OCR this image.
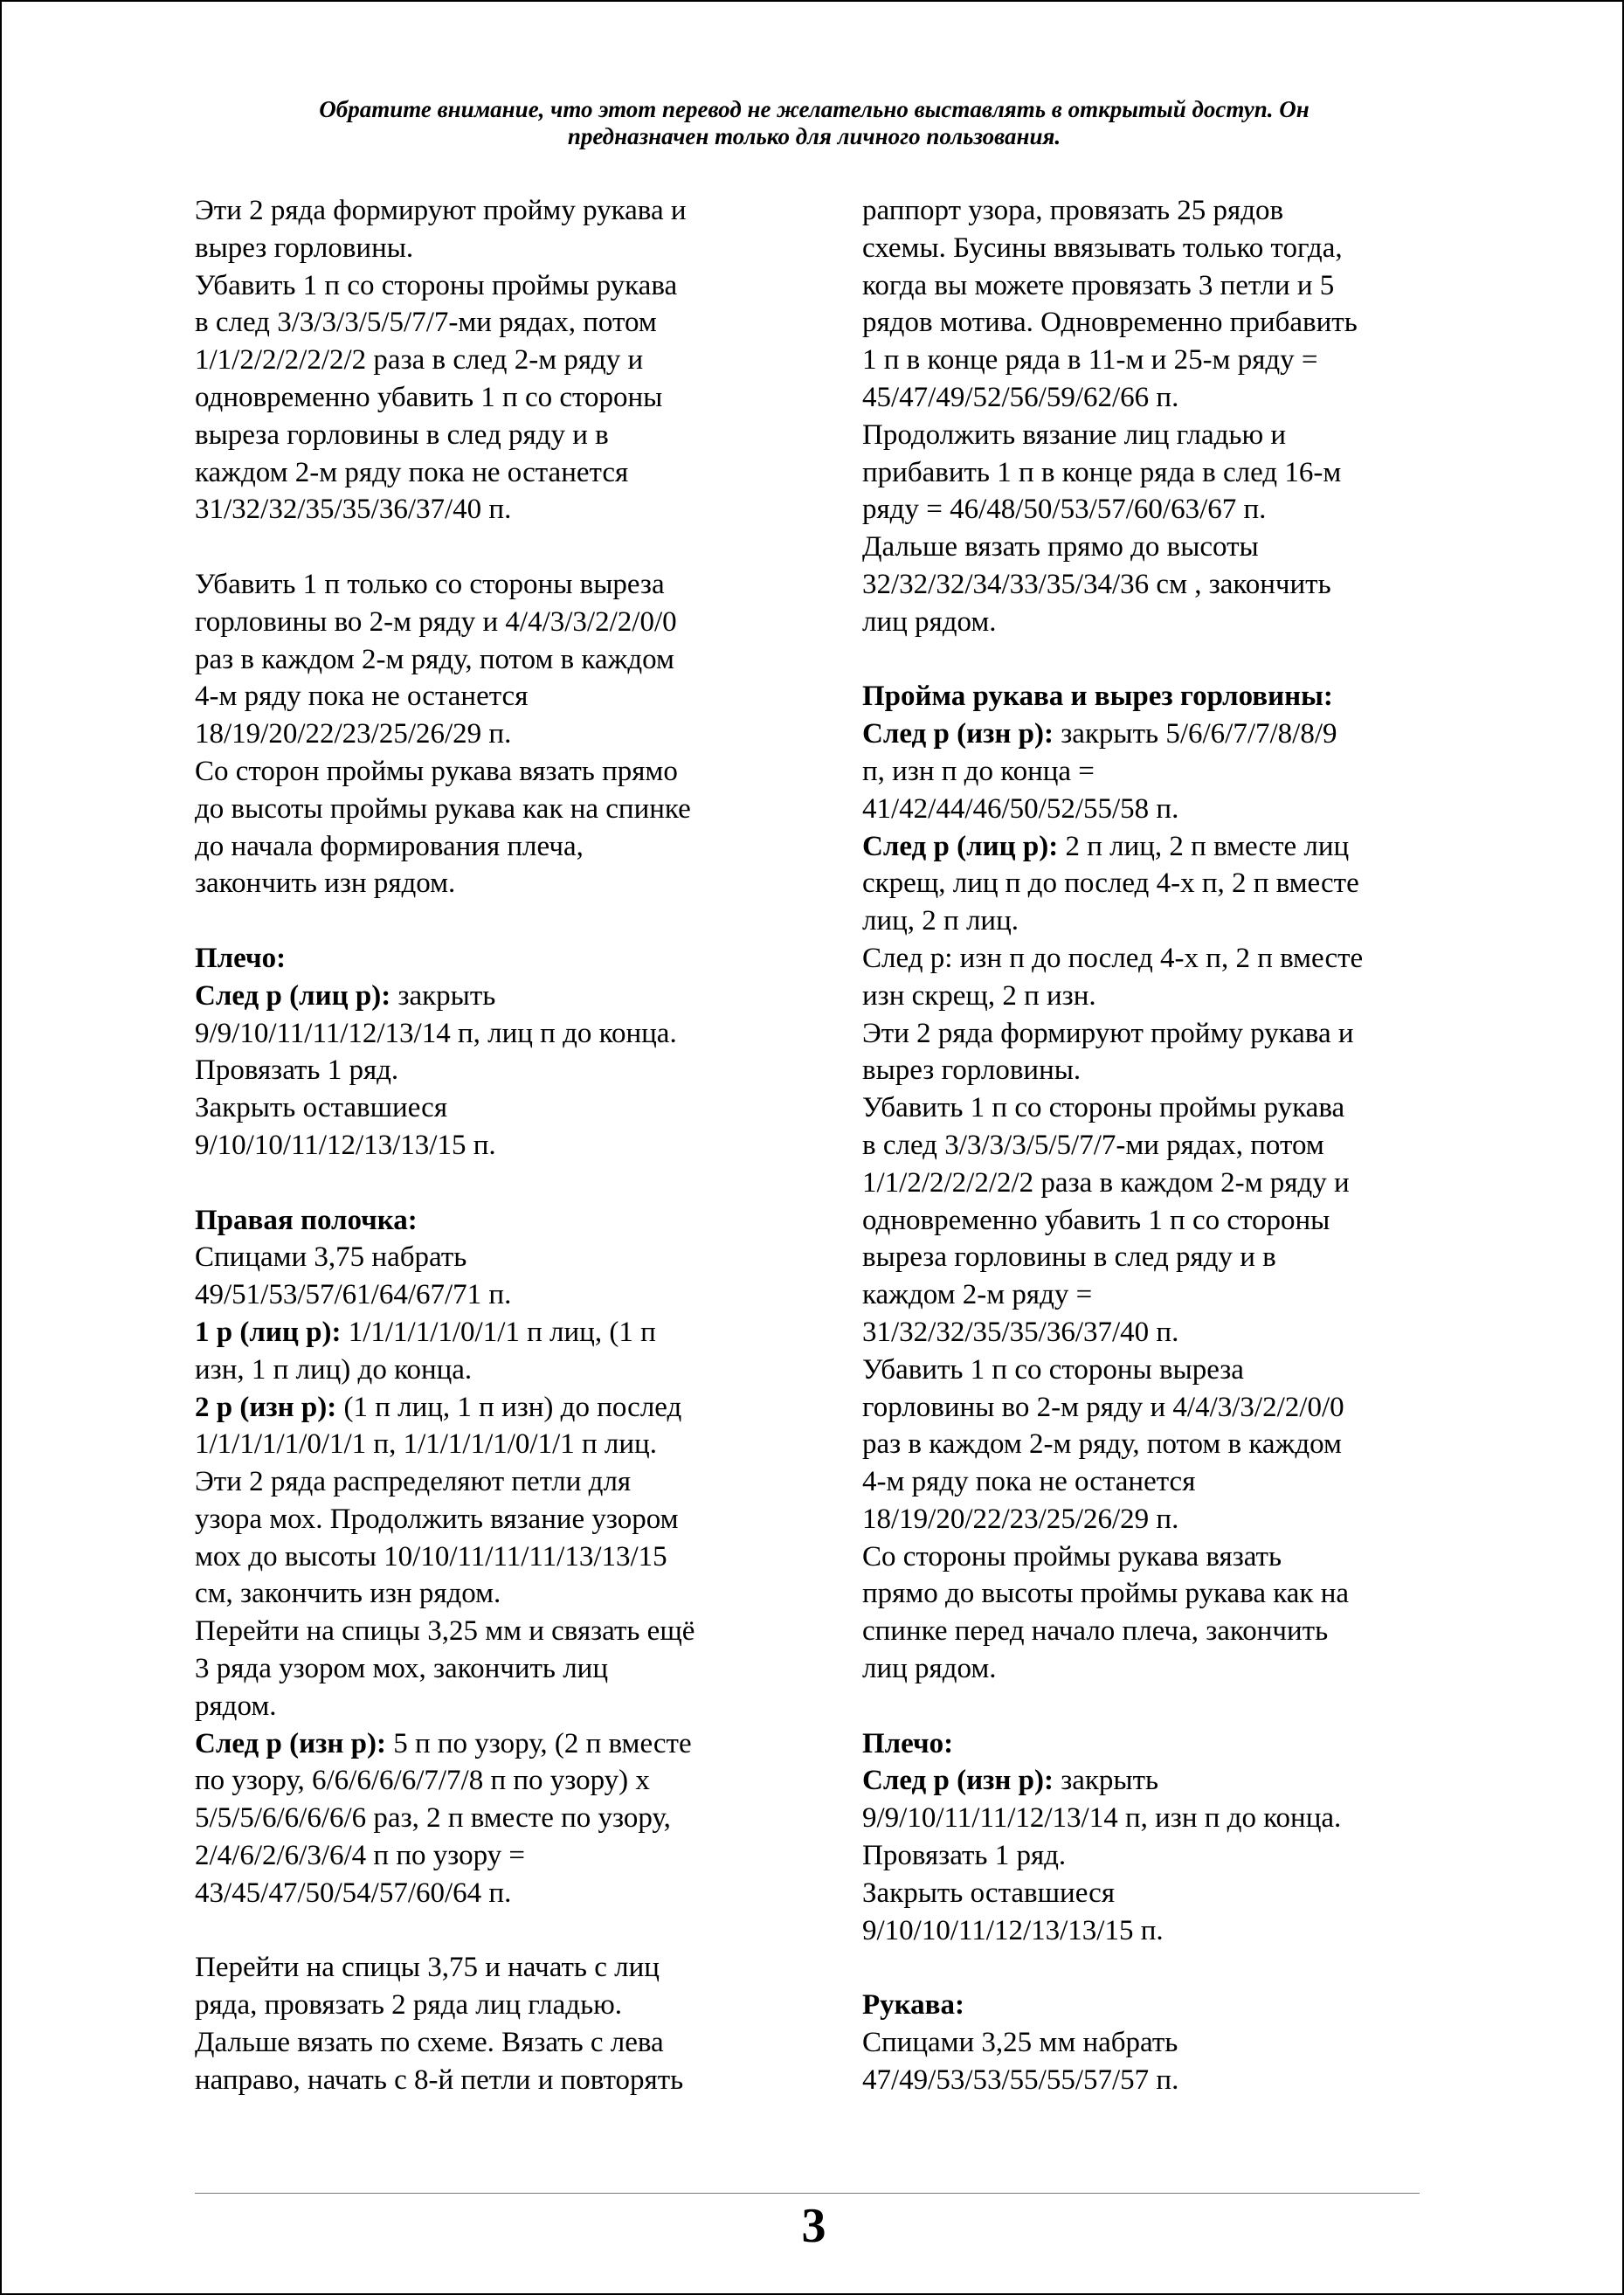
Обратите внимание, что этот перевод не желательно выставлять в открытый доступ. Он
предназначен только для личного пользования.
Эти 2 ряда формируют пройму рукава и
вырез горловины.
Убавить 1 п со стороны проймы рукава
в след 3/3/3/3/5/5/7/7-ми рядах, потом
1/1/2/2/2/2/2/2 раза в след 2-м ряду и
одновременно убавить 1 п со стороны
выреза горловины в след ряду и в
каждом 2-м ряду пока не останется
31/32/32/35/35/36/37/40 п.
Убавить 1 п только со стороны выреза
горловины во 2-м ряду и 4/4/3/3/2/2/0/0
раз в каждом 2-м ряду, потом в каждом
4-м ряду пока не останется
18/19/20/22/23/25/26/29 п.
Со сторон проймы рукава вязать прямо
до высоты проймы рукава как на спинке
до начала формирования плеча,
закончить изн рядом.
Плечо:
След р (лиц р): закрыть
9/9/10/11/11/12/13/14 п, лиц п до конца.
Провязать 1 ряд.
Закрыть оставшиеся
9/10/10/11/12/13/13/15 п.
Правая полочка:
Спицами 3,75 набрать
49/51/53/57/61/64/67/71 п.
1 р (лиц р): 1/1/1/1/1/0/1/1 п лиц, (1 п
изн, 1 п лиц) до конца.
2 р (изн р): (1 п лиц, 1 п изн) до послед
1/1/1/1/1/0/1/1 п, 1/1/1/1/1/0/1/1 п лиц.
Эти 2 ряда распределяют петли для
узора мох. Продолжить вязание узором
мох до высоты 10/10/11/11/11/13/13/15
см, закончить изн рядом.
Перейти на спицы 3,25 мм и связать ещё
3 ряда узором мох, закончить лиц
рядом.
След р (изн р): 5 п по узору, (2 п вместе
по узору, 6/6/6/6/6/7/7/8 п по узору) x
5/5/5/6/6/6/6/6 раз, 2 п вместе по узору,
2/4/6/2/6/3/6/4 п по узору =
43/45/47/50/54/57/60/64 п.
Перейти на спицы 3,75 и начать с лиц
ряда, провязать 2 ряда лиц гладью.
Дальше вязать по схеме. Вязать с лева
направо, начать с 8-й петли и повторять
раппорт узора, провязать 25 рядов
схемы. Бусины ввязывать только тогда,
когда вы можете провязать 3 петли и 5
рядов мотива. Одновременно прибавить
1 п в конце ряда в 11-м и 25-м ряду =
45/47/49/52/56/59/62/66 п.
Продолжить вязание лиц гладью и
прибавить 1 п в конце ряда в след 16-м
ряду = 46/48/50/53/57/60/63/67 п.
Дальше вязать прямо до высоты
32/32/32/34/33/35/34/36 см , закончить
лиц рядом.
Пройма рукава и вырез горловины:
След р (изн р): закрыть 5/6/6/7/7/8/8/9
п, изн п до конца =
41/42/44/46/50/52/55/58 п.
След р (лиц р): 2 п лиц, 2 п вместе лиц
скрещ, лиц п до послед 4-х п, 2 п вместе
лиц, 2 п лиц.
След р: изн п до послед 4-х п, 2 п вместе
изн скрещ, 2 п изн.
Эти 2 ряда формируют пройму рукава и
вырез горловины.
Убавить 1 п со стороны проймы рукава
в след 3/3/3/3/5/5/7/7-ми рядах, потом
1/1/2/2/2/2/2/2 раза в каждом 2-м ряду и
одновременно убавить 1 п со стороны
выреза горловины в след ряду и в
каждом 2-м ряду =
31/32/32/35/35/36/37/40 п.
Убавить 1 п со стороны выреза
горловины во 2-м ряду и 4/4/3/3/2/2/0/0
раз в каждом 2-м ряду, потом в каждом
4-м ряду пока не останется
18/19/20/22/23/25/26/29 п.
Со стороны проймы рукава вязать
прямо до высоты проймы рукава как на
спинке перед начало плеча, закончить
лиц рядом.
Плечо:
След р (изн р): закрыть
9/9/10/11/11/12/13/14 п, изн п до конца.
Провязать 1 ряд.
Закрыть оставшиеся
9/10/10/11/12/13/13/15 п.
Рукава:
Спицами 3,25 мм набрать
47/49/53/53/55/55/57/57 п.
3
